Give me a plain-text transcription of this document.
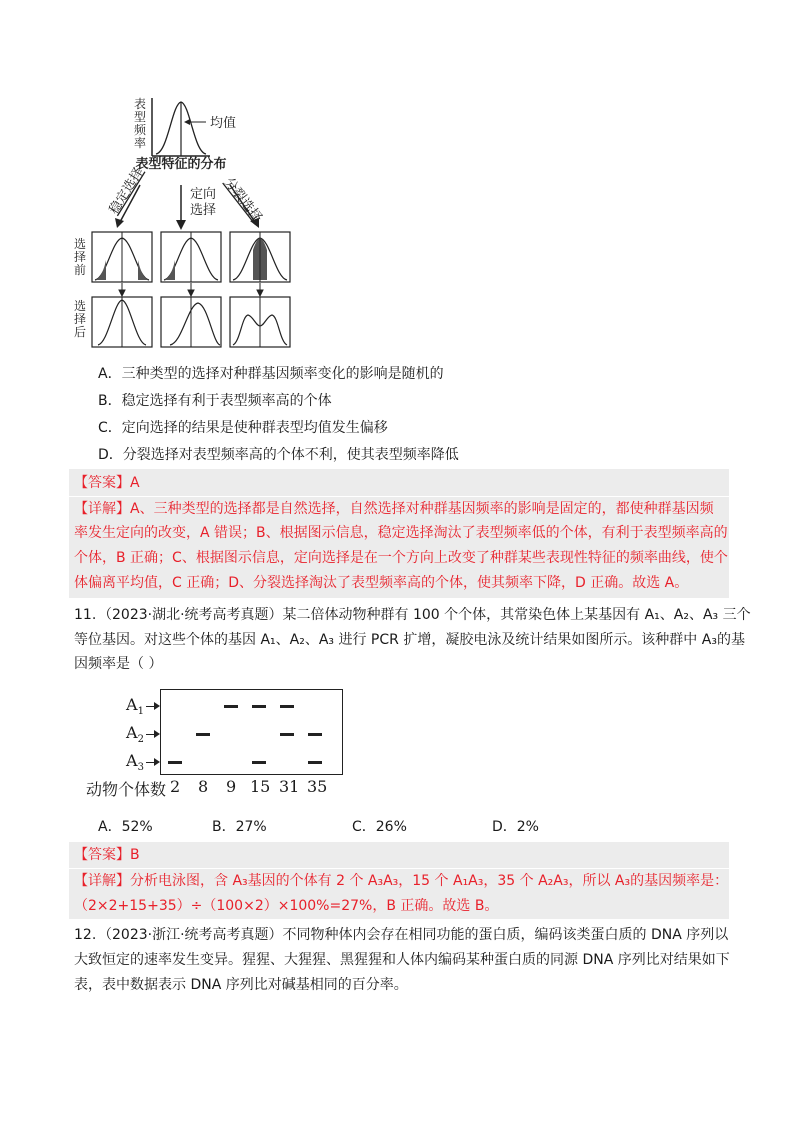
表
型
频
率
均值
表型特征的分布
稳定选择	定向
选择 分裂选择
选
择
前
选
择
后
A．三种类型的选择对种群基因频率变化的影响是随机的
B．稳定选择有利于表型频率高的个体
C．定向选择的结果是使种群表型均值发生偏移
D．分裂选择对表型频率高的个体不利，使其表型频率降低
【答案】A
【详解】A、三种类型的选择都是自然选择，自然选择对种群基因频率的影响是固定的，都使种群基因频
率发生定向的改变，A 错误；B、根据图示信息，稳定选择淘汰了表型频率低的个体，有利于表型频率高的
个体，B 正确；C、根据图示信息，定向选择是在一个方向上改变了种群某些表现性特征的频率曲线，使个
体偏离平均值，C 正确；D、分裂选择淘汰了表型频率高的个体，使其频率下降，D 正确。故选 A。
11. （2023·湖北·统考高考真题）某二倍体动物种群有 100 个个体，其常染色体上某基因有 A₁、A₂、A₃ 三个
等位基因。对这些个体的基因 A₁、A₂、A₃ 进行 PCR 扩增，凝胶电泳及统计结果如图所示。该种群中 A₃的基
因频率是（ ）
$A_1$
$A_2$
$A_3$
动物个体数 2 8 9 15 31 35
A．52%	B．27%	C．26%	D．2%
【答案】B
【详解】分析电泳图，含 A₃基因的个体有 2 个 A₃A₃，15 个 A₁A₃，35 个 A₂A₃，所以 A₃的基因频率是：
（2×2+15+35）÷（100×2）×100%=27%，B 正确。故选 B。
12. （2023·浙江·统考高考真题）不同物种体内会存在相同功能的蛋白质，编码该类蛋白质的 DNA 序列以
大致恒定的速率发生变异。猩猩、大猩猩、黑猩猩和人体内编码某种蛋白质的同源 DNA 序列比对结果如下
表，表中数据表示 DNA 序列比对碱基相同的百分率。
